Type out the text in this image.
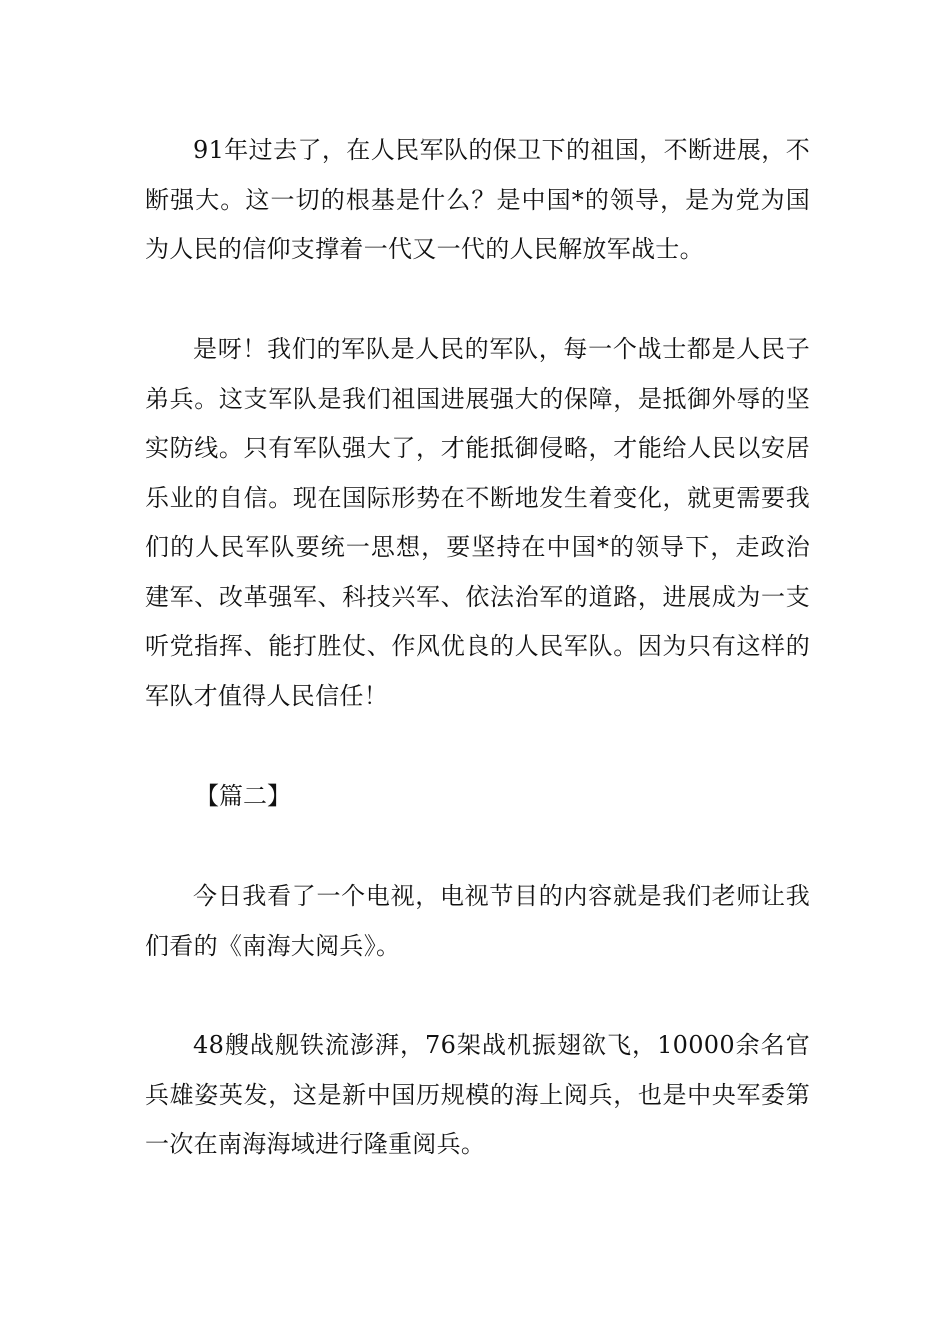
91年过去了，在人民军队的保卫下的祖国，不断进展，不断强大。这一切的根基是什么？是中国*的领导，是为党为国为人民的信仰支撑着一代又一代的人民解放军战士。

是呀！我们的军队是人民的军队，每一个战士都是人民子弟兵。这支军队是我们祖国进展强大的保障，是抵御外辱的坚实防线。只有军队强大了，才能抵御侵略，才能给人民以安居乐业的自信。现在国际形势在不断地发生着变化，就更需要我们的人民军队要统一思想，要坚持在中国*的领导下，走政治建军、改革强军、科技兴军、依法治军的道路，进展成为一支听党指挥、能打胜仗、作风优良的人民军队。因为只有这样的军队才值得人民信任！

【篇二】

今日我看了一个电视，电视节目的内容就是我们老师让我们看的《南海大阅兵》。

48艘战舰铁流澎湃，76架战机振翅欲飞，10000余名官兵雄姿英发，这是新中国历规模的海上阅兵，也是中央军委第一次在南海海域进行隆重阅兵。
